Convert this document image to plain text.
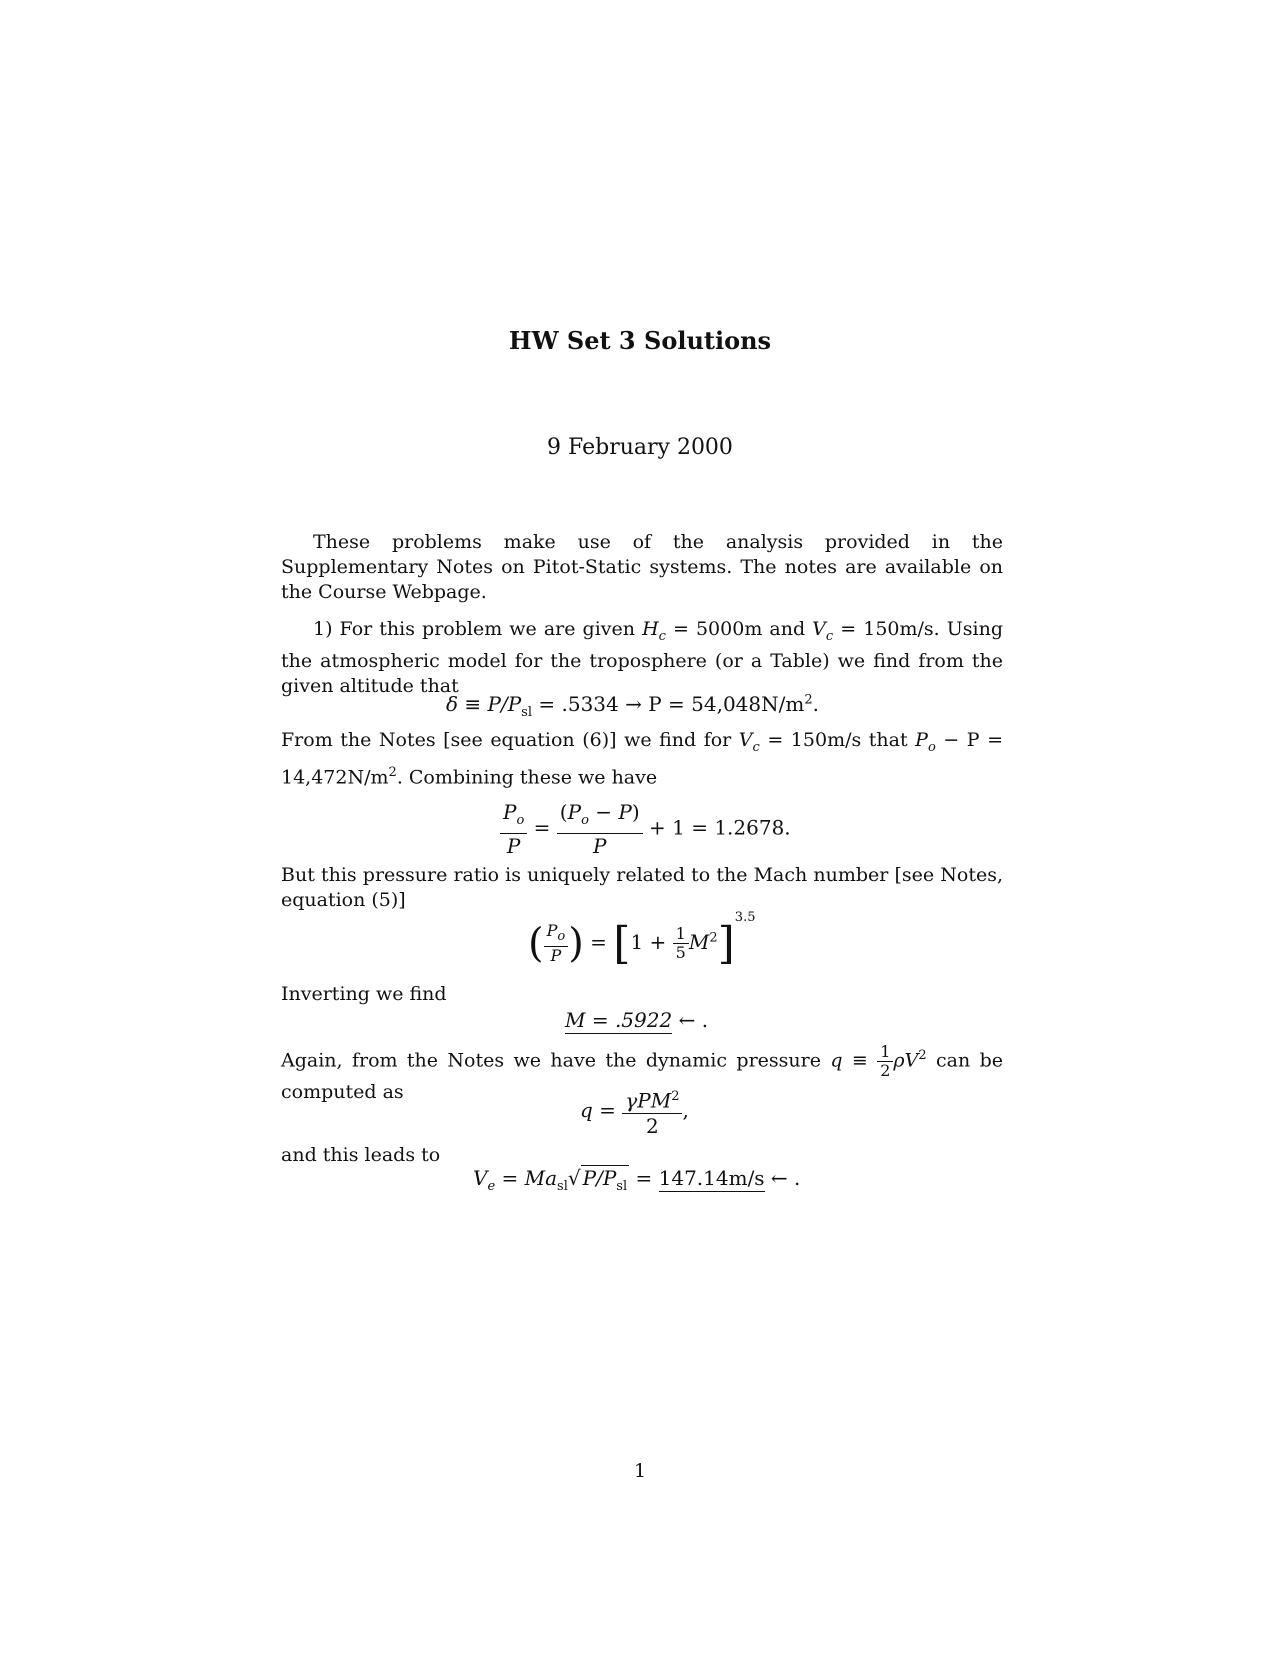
HW Set 3 Solutions
9 February 2000
These problems make use of the analysis provided in the Supplementary Notes on Pitot-Static systems. The notes are available on the Course Webpage.
1) For this problem we are given $H_c = 5000m$ and $V_c = 150m/s$. Using the atmospheric model for the troposphere (or a Table) we find from the given altitude that
$\delta \equiv P/P_{sl} = .5334 \to P = 54,048N/m^2$.
From the Notes [see equation (6)] we find for $V_c = 150m/s$ that $P_o - P = 14,472N/m^2$. Combining these we have
$\frac{P_o}{P} = \frac{(P_o - P)}{P} + 1 = 1.2678$.
But this pressure ratio is uniquely related to the Mach number [see Notes, equation (5)]
( $\frac{P_o}{P}$ ) = $[1 + \frac{1}{5} M^2]^{3.5}$
Inverting we find
M = .5922 ← .
Again, from the Notes we have the dynamic pressure $q \equiv \frac{1}{2} \rho V^2$ can be computed as
$q = \frac{\gamma PM^2}{2}$ ,
and this leads to
$V_e = Ma_{sl}√$ $P/P_{sl} = 147.14m/s$ ← .
1
